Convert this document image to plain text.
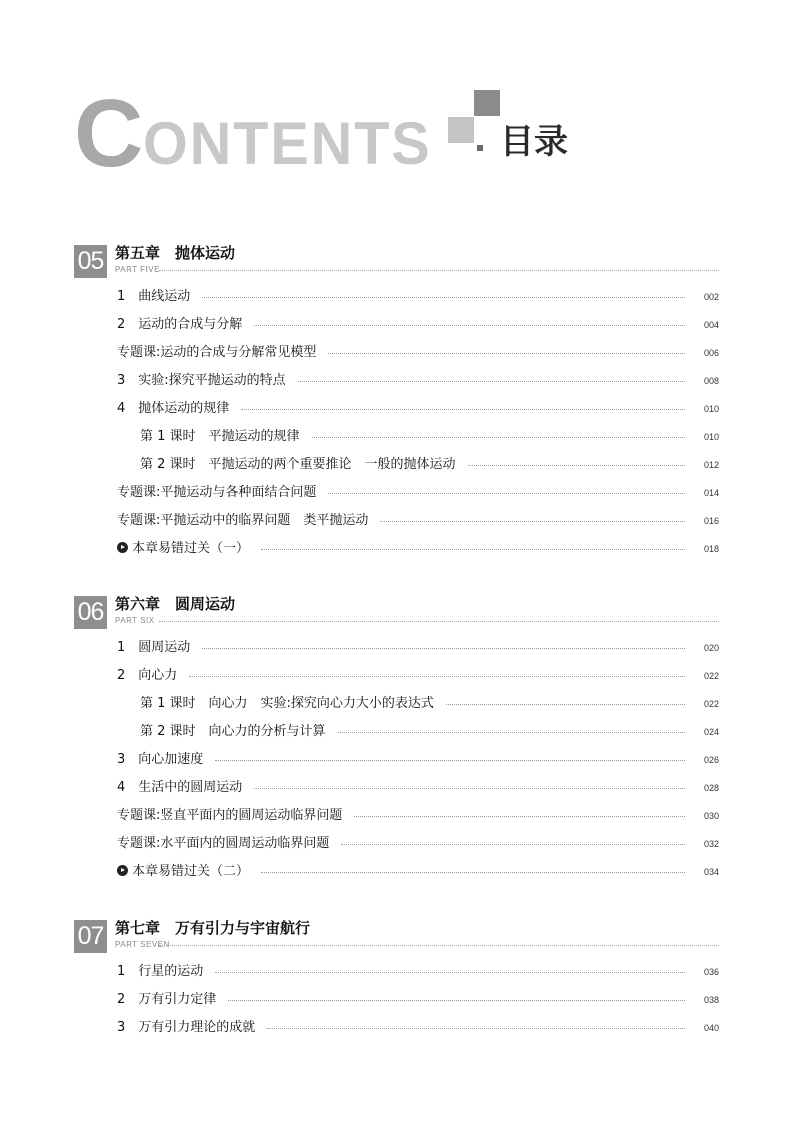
C ONTENTS 目录
05 第五章　抛体运动
PART FIVE
1　曲线运动	002
2　运动的合成与分解	004
专题课:运动的合成与分解常见模型	006
3　实验:探究平抛运动的特点	008
4　抛体运动的规律	010
第 1 课时　平抛运动的规律	010
第 2 课时　平抛运动的两个重要推论　一般的抛体运动	012
专题课:平抛运动与各种面结合问题	014
专题课:平抛运动中的临界问题　类平抛运动	016
本章易错过关（一）	018
06 第六章　圆周运动
PART SIX
1　圆周运动	020
2　向心力	022
第 1 课时　向心力　实验:探究向心力大小的表达式	022
第 2 课时　向心力的分析与计算	024
3　向心加速度	026
4　生活中的圆周运动	028
专题课:竖直平面内的圆周运动临界问题	030
专题课:水平面内的圆周运动临界问题	032
本章易错过关（二）	034
07 第七章　万有引力与宇宙航行
PART SEVEN
1　行星的运动	036
2　万有引力定律	038
3　万有引力理论的成就	040
